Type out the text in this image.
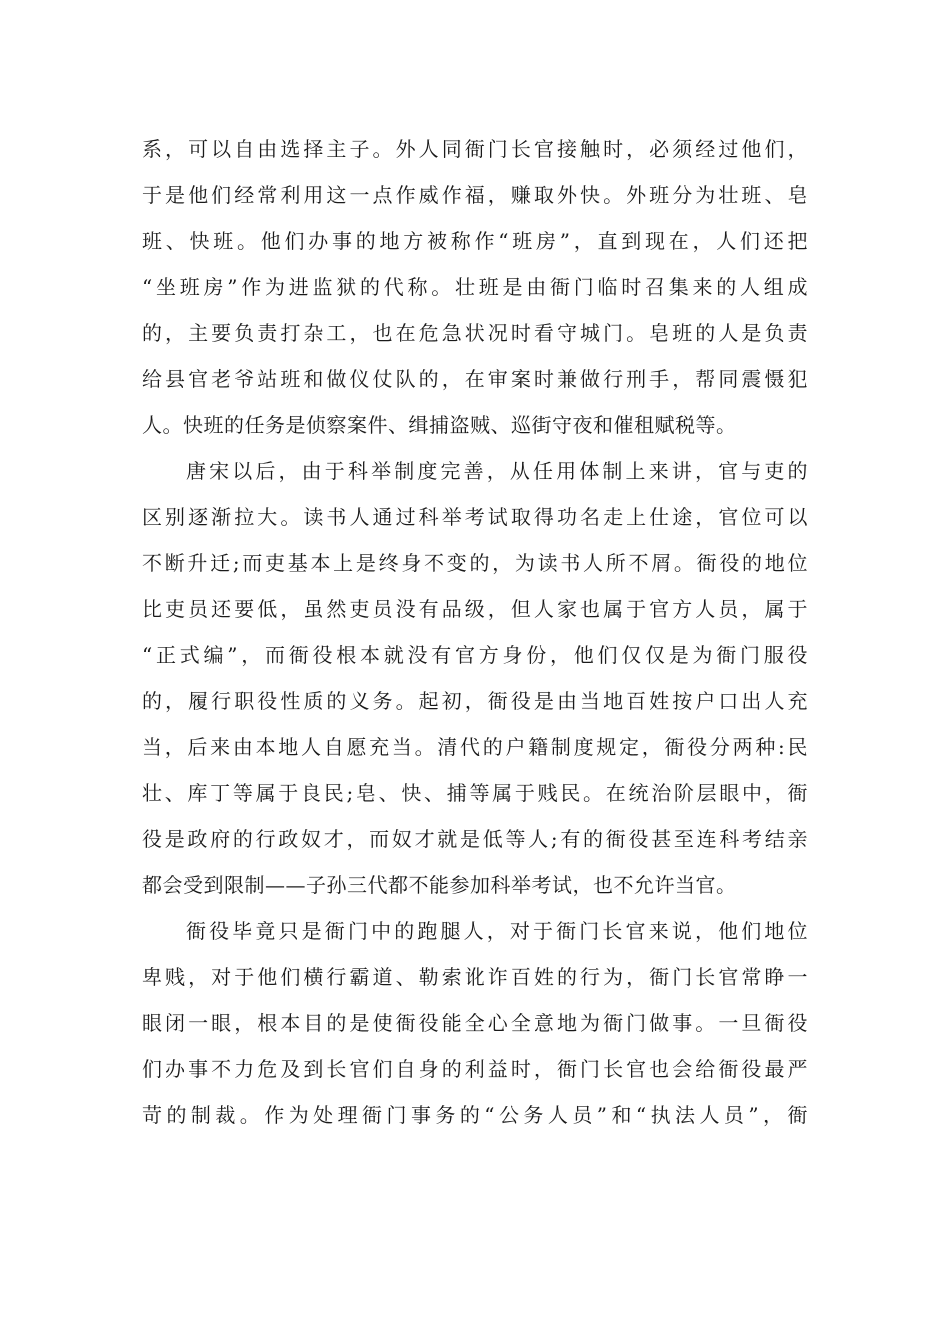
系，可以自由选择主子。外人同衙门长官接触时，必须经过他们，
于是他们经常利用这一点作威作福，赚取外快。外班分为壮班、皂
班、快班。他们办事的地方被称作“班房”，直到现在，人们还把
“坐班房”作为进监狱的代称。壮班是由衙门临时召集来的人组成
的，主要负责打杂工，也在危急状况时看守城门。皂班的人是负责
给县官老爷站班和做仪仗队的，在审案时兼做行刑手，帮同震慑犯
人。快班的任务是侦察案件、缉捕盗贼、巡街守夜和催租赋税等。
唐宋以后，由于科举制度完善，从任用体制上来讲，官与吏的
区别逐渐拉大。读书人通过科举考试取得功名走上仕途，官位可以
不断升迁;而吏基本上是终身不变的，为读书人所不屑。衙役的地位
比吏员还要低，虽然吏员没有品级，但人家也属于官方人员，属于
“正式编”，而衙役根本就没有官方身份，他们仅仅是为衙门服役
的，履行职役性质的义务。起初，衙役是由当地百姓按户口出人充
当，后来由本地人自愿充当。清代的户籍制度规定，衙役分两种:民
壮、库丁等属于良民;皂、快、捕等属于贱民。在统治阶层眼中，衙
役是政府的行政奴才，而奴才就是低等人;有的衙役甚至连科考结亲
都会受到限制——子孙三代都不能参加科举考试，也不允许当官。
衙役毕竟只是衙门中的跑腿人，对于衙门长官来说，他们地位
卑贱，对于他们横行霸道、勒索讹诈百姓的行为，衙门长官常睁一
眼闭一眼，根本目的是使衙役能全心全意地为衙门做事。一旦衙役
们办事不力危及到长官们自身的利益时，衙门长官也会给衙役最严
苛的制裁。作为处理衙门事务的“公务人员”和“执法人员”，衙
